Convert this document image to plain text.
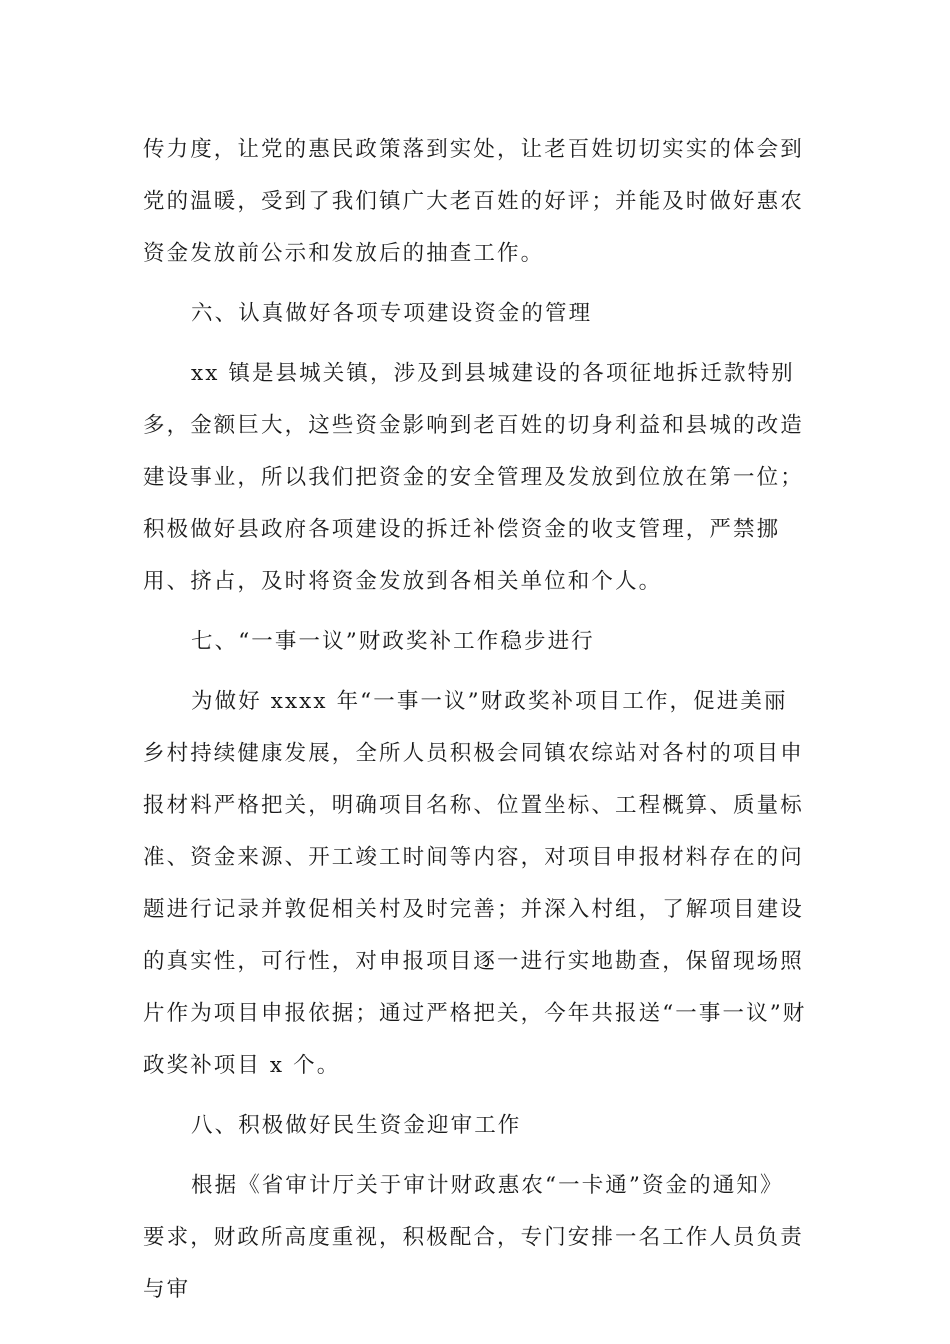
传力度，让党的惠民政策落到实处，让老百姓切切实实的体会到党的温暖，受到了我们镇广大老百姓的好评；并能及时做好惠农资金发放前公示和发放后的抽查工作。

六、认真做好各项专项建设资金的管理

xx 镇是县城关镇，涉及到县城建设的各项征地拆迁款特别多，金额巨大，这些资金影响到老百姓的切身利益和县城的改造建设事业，所以我们把资金的安全管理及发放到位放在第一位；积极做好县政府各项建设的拆迁补偿资金的收支管理，严禁挪用、挤占，及时将资金发放到各相关单位和个人。

七、“一事一议”财政奖补工作稳步进行

为做好 xxxx 年“一事一议”财政奖补项目工作，促进美丽乡村持续健康发展，全所人员积极会同镇农综站对各村的项目申报材料严格把关，明确项目名称、位置坐标、工程概算、质量标准、资金来源、开工竣工时间等内容，对项目申报材料存在的问题进行记录并敦促相关村及时完善；并深入村组，了解项目建设的真实性，可行性，对申报项目逐一进行实地勘查，保留现场照片作为项目申报依据；通过严格把关，今年共报送“一事一议”财政奖补项目 x 个。

八、积极做好民生资金迎审工作

根据《省审计厅关于审计财政惠农“一卡通”资金的通知》要求，财政所高度重视，积极配合，专门安排一名工作人员负责与审
